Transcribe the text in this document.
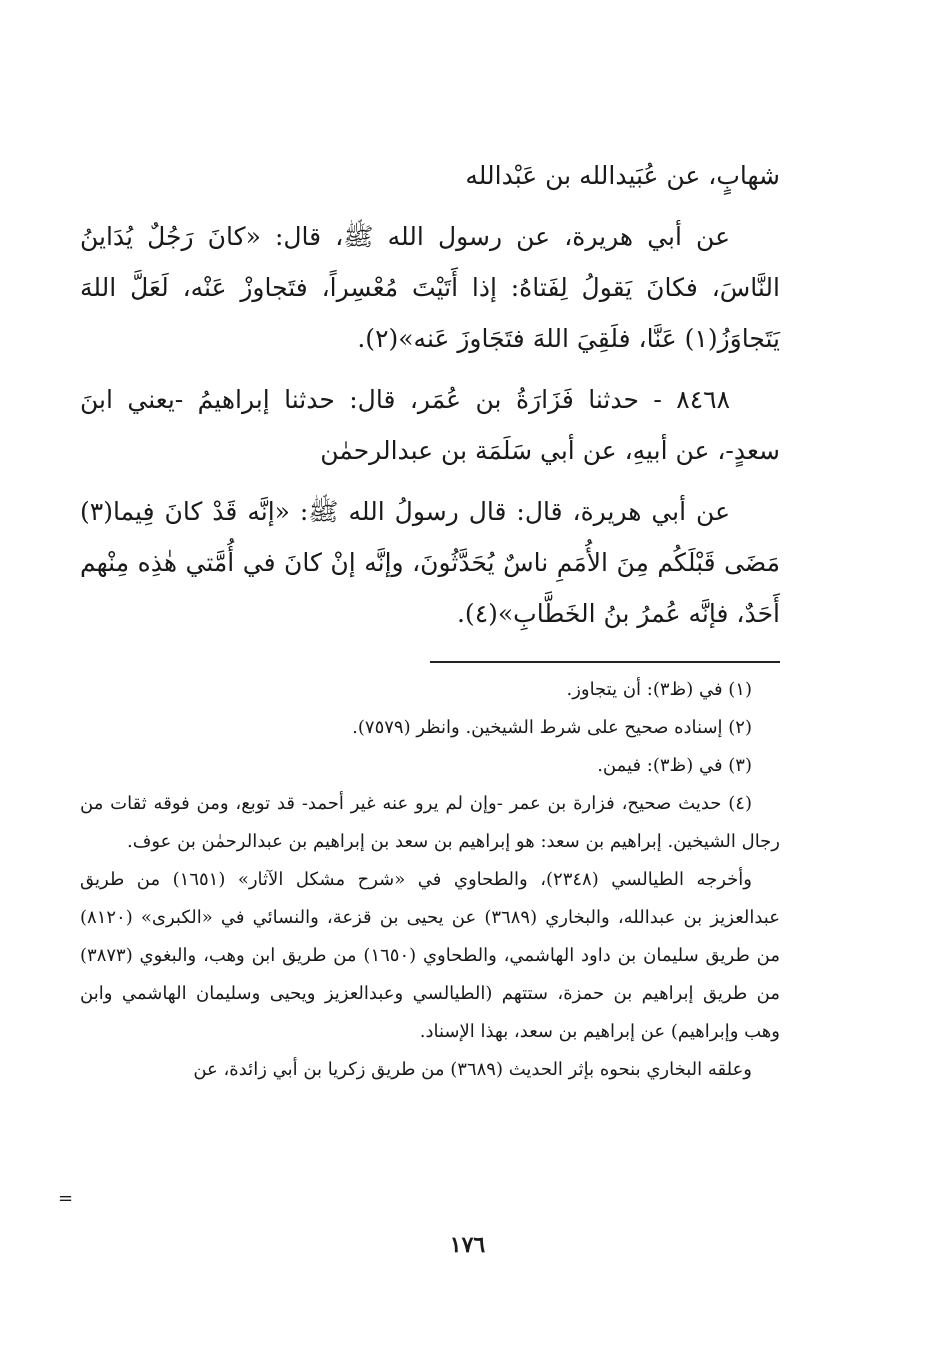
شهابٍ، عن عُبَيدالله بن عَبْدالله

عن أبي هريرة، عن رسول الله ﷺ، قال: «كانَ رَجُلٌ يُدَاينُ النَّاسَ، فكانَ يَقولُ لِفَتاهُ: إذا أَتَيْتَ مُعْسِراً، فتَجاوزْ عَنْه، لَعَلَّ اللهَ يَتَجاوَزُ(١) عَنَّا، فلَقِيَ اللهَ فتَجَاوزَ عَنه»(٢).

٨٤٦٨ - حدثنا فَزَارَةُ بن عُمَر، قال: حدثنا إبراهيمُ -يعني ابنَ سعدٍ-، عن أبيهِ، عن أبي سَلَمَة بن عبدالرحمٰن

عن أبي هريرة، قال: قال رسولُ الله ﷺ: «إنَّه قَدْ كانَ فِيما(٣) مَضَى قَبْلَكُم مِنَ الأُمَمِ ناسٌ يُحَدَّثُونَ، وإنَّه إنْ كانَ في أُمَّتي هٰذِه مِنْهم أَحَدٌ، فإنَّه عُمرُ بنُ الخَطَّابِ»(٤).

(١) في (ظ٣): أن يتجاوز.

(٢) إسناده صحيح على شرط الشيخين. وانظر (٧٥٧٩).

(٣) في (ظ٣): فيمن.

(٤) حديث صحيح، فزارة بن عمر -وإن لم يرو عنه غير أحمد- قد توبع، ومن فوقه ثقات من رجال الشيخين. إبراهيم بن سعد: هو إبراهيم بن سعد بن إبراهيم بن عبدالرحمٰن بن عوف.

وأخرجه الطيالسي (٢٣٤٨)، والطحاوي في «شرح مشكل الآثار» (١٦٥١) من طريق عبدالعزيز بن عبدالله، والبخاري (٣٦٨٩) عن يحيى بن قزعة، والنسائي في «الكبرى» (٨١٢٠) من طريق سليمان بن داود الهاشمي، والطحاوي (١٦٥٠) من طريق ابن وهب، والبغوي (٣٨٧٣) من طريق إبراهيم بن حمزة، ستتهم (الطيالسي وعبدالعزيز ويحيى وسليمان الهاشمي وابن وهب وإبراهيم) عن إبراهيم بن سعد، بهذا الإسناد.

وعلقه البخاري بنحوه بإثر الحديث (٣٦٨٩) من طريق زكريا بن أبي زائدة، عن

=
١٧٦
